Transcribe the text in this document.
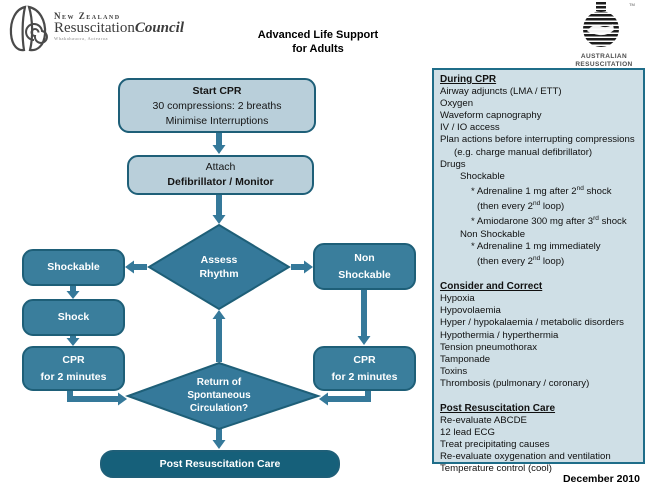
New Zealand
ResuscitationCouncil
Whakahauora, Aotearoa	Advanced Life Support
for Adults
™
AUSTRALIAN
RESUSCITATION
Start CPR
30 compressions: 2 breaths
Minimise Interruptions
Attach
Defibrillator / Monitor
Assess
Rhythm
Shockable
Non
Shockable
Shock
CPR
for 2 minutes
CPR
for 2 minutes
Return of
Spontaneous
Circulation?
Post Resuscitation Care
During CPR
Airway adjuncts (LMA / ETT)
Oxygen
Waveform capnography
IV / IO access
Plan actions before interrupting compressions
(e.g. charge manual defibrillator)
Drugs
Shockable
* Adrenaline 1 mg after 2nd shock
(then every 2nd loop)
* Amiodarone 300 mg after 3rd shock
Non Shockable
* Adrenaline 1 mg immediately
(then every 2nd loop)
Consider and Correct
Hypoxia
Hypovolaemia
Hyper / hypokalaemia / metabolic disorders
Hypothermia / hyperthermia
Tension pneumothorax
Tamponade
Toxins
Thrombosis (pulmonary / coronary)
Post Resuscitation Care
Re-evaluate ABCDE
12 lead ECG
Treat precipitating causes
Re-evaluate oxygenation and ventilation
Temperature control (cool)
December 2010
